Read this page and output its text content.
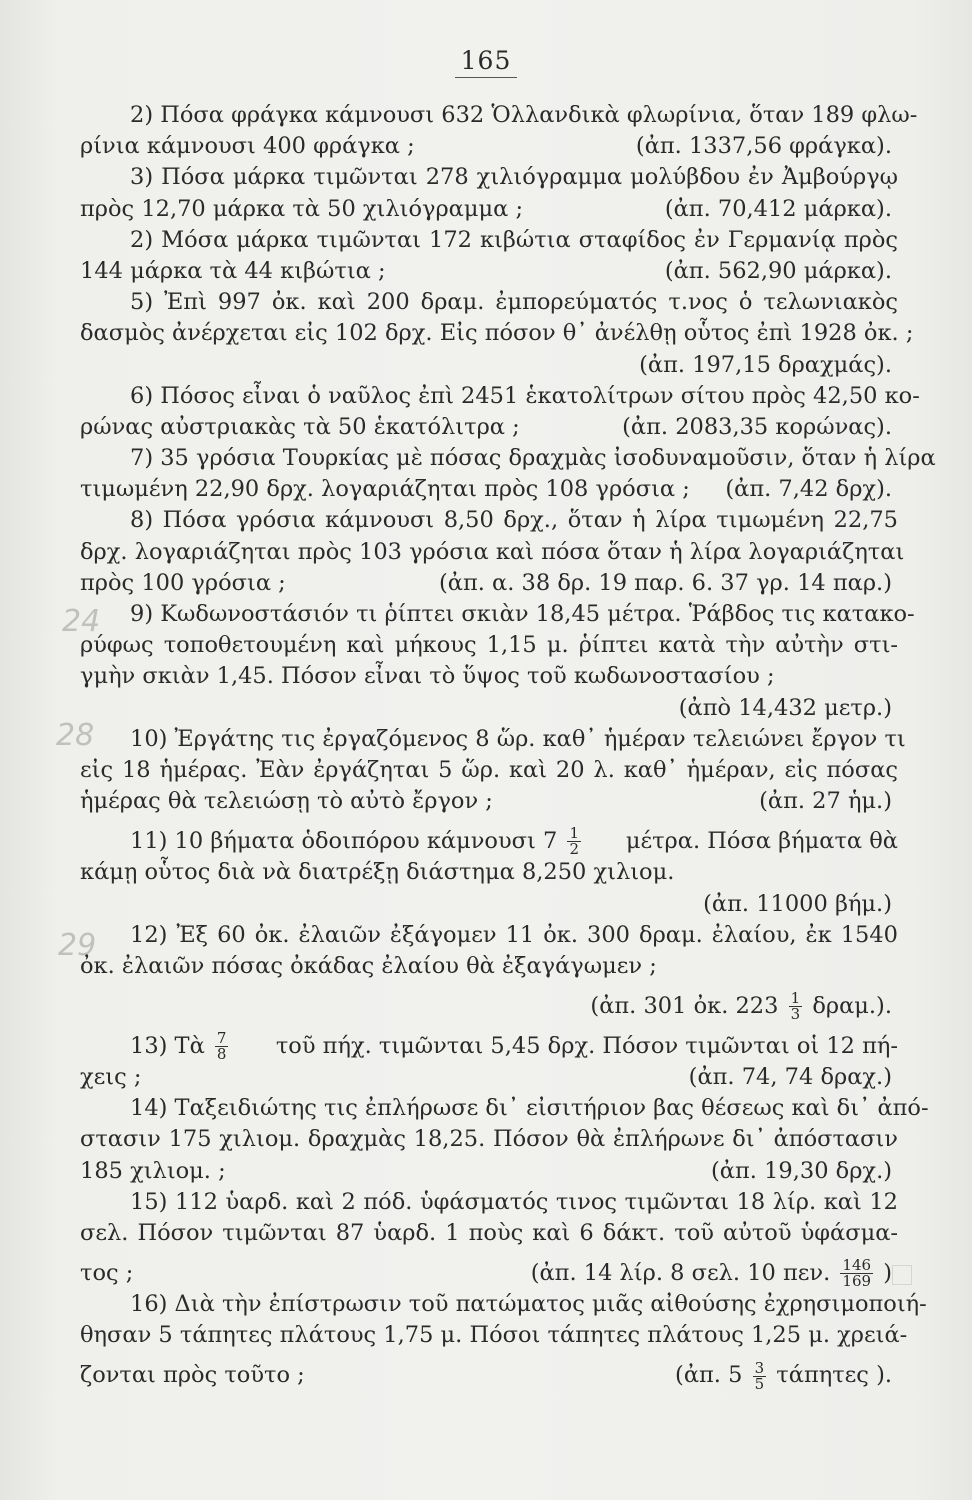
165
24
28
29
2) Πόσα φράγκα κάμνουσι 632 Ὁλλανδικὰ φλωρίνια, ὅταν 189 φλω-
ρίνια κάμνουσι 400 φράγκα ;	(ἀπ. 1337,56 φράγκα).
3) Πόσα μάρκα τιμῶνται 278 χιλιόγραμμα μολύβδου ἐν Ἀμβούργῳ
πρὸς 12,70 μάρκα τὰ 50 χιλιόγραμμα ;	(ἀπ. 70,412 μάρκα).
2) Μόσα μάρκα τιμῶνται 172 κιβώτια σταφίδος ἐν Γερμανίᾳ πρὸς
144 μάρκα τὰ 44 κιβώτια ;	(ἀπ. 562,90 μάρκα).
5) Ἐπὶ 997 ὀκ. καὶ 200 δραμ. ἐμπορεύματός τ.νος ὁ τελωνιακὸς
δασμὸς ἀνέρχεται εἰς 102 δρχ. Εἰς πόσον θ᾽ ἀνέλθῃ οὗτος ἐπὶ 1928 ὀκ. ;
(ἀπ. 197,15 δραχμάς).
6) Πόσος εἶναι ὁ ναῦλος ἐπὶ 2451 ἑκατολίτρων σίτου πρὸς 42,50 κο-
ρώνας αὐστριακὰς τὰ 50 ἑκατόλιτρα ;	(ἀπ. 2083,35 κορώνας).
7) 35 γρόσια Τουρκίας μὲ πόσας δραχμὰς ἰσοδυναμοῦσιν, ὅταν ἡ λίρα
τιμωμένη 22,90 δρχ. λογαριάζηται πρὸς 108 γρόσια ; (ἀπ. 7,42 δρχ).
8) Πόσα γρόσια κάμνουσι 8,50 δρχ., ὅταν ἡ λίρα τιμωμένη 22,75
δρχ. λογαριάζηται πρὸς 103 γρόσια καὶ πόσα ὅταν ἡ λίρα λογαριάζηται
πρὸς 100 γρόσια ;	(ἀπ. α. 38 δρ. 19 παρ. 6. 37 γρ. 14 παρ.)
9) Κωδωνοστάσιόν τι ῥίπτει σκιὰν 18,45 μέτρα. Ῥάβδος τις κατακο-
ρύφως τοποθετουμένη καὶ μήκους 1,15 μ. ῥίπτει κατὰ τὴν αὐτὴν στι-
γμὴν σκιὰν 1,45. Πόσον εἶναι τὸ ὕψος τοῦ κωδωνοστασίου ;
(ἀπὸ 14,432 μετρ.)
10) Ἐργάτης τις ἐργαζόμενος 8 ὥρ. καθ᾽ ἡμέραν τελειώνει ἔργον τι
εἰς 18 ἡμέρας. Ἐὰν ἐργάζηται 5 ὥρ. καὶ 20 λ. καθ᾽ ἡμέραν, εἰς πόσας
ἡμέρας θὰ τελειώσῃ τὸ αὐτὸ ἔργον ;	(ἀπ. 27 ἡμ.)
11) 10 βήματα ὁδοιπόρου κάμνουσι $7 \frac{1}{2} \mu έ\tau\rho\alpha$. Πόσα βήματα θὰ
κάμῃ οὗτος διὰ νὰ διατρέξῃ διάστημα 8,250 χιλιομ.
(ἀπ. 11000 βήμ.)
12) Ἐξ 60 ὀκ. ἐλαιῶν ἐξάγομεν 11 ὀκ. 300 δραμ. ἐλαίου, ἐκ 1540
ὀκ. ἐλαιῶν πόσας ὀκάδας ἐλαίου θὰ ἐξαγάγωμεν ;
(ἀπ. 301 ὀκ. $223 \frac{1}{3} \delta\rho\alpha\mu$.).
13) Τὰ $\frac{7}{8}$ τοῦ πήχ. τιμῶνται 5,45 δρχ. Πόσον τιμῶνται οἱ 12 πή-
χεις ;	(ἀπ. 74, 74 δραχ.)
14) Ταξειδιώτης τις ἐπλήρωσε δι᾽ εἰσιτήριον βας θέσεως καὶ δι᾽ ἀπό-
στασιν 175 χιλιομ. δραχμὰς 18,25. Πόσον θὰ ἐπλήρωνε δι᾽ ἀπόστασιν
185 χιλιομ. ;	(ἀπ. 19,30 δρχ.)
15) 112 ὑαρδ. καὶ 2 πόδ. ὑφάσματός τινος τιμῶνται 18 λίρ. καὶ 12
σελ. Πόσον τιμῶνται 87 ὑαρδ. 1 ποὺς καὶ 6 δάκτ. τοῦ αὐτοῦ ὑφάσμα-
τος ;	(ἀπ. 14 λίρ. 8 σελ. 10 πεν. $\frac{146}{169}$ )
16) Διὰ τὴν ἐπίστρωσιν τοῦ πατώματος μιᾶς αἰθούσης ἐχρησιμοποιή-
θησαν 5 τάπητες πλάτους 1,75 μ. Πόσοι τάπητες πλάτους 1,25 μ. χρειά-
ζονται πρὸς τοῦτο ;	(ἀπ. $5 \frac{3}{5}$ τάπητες ).
